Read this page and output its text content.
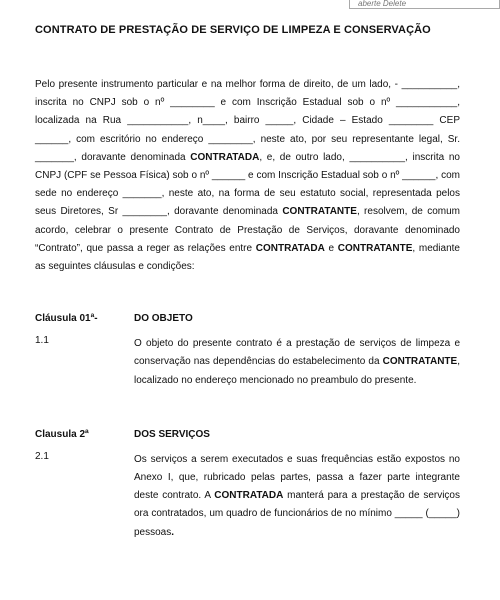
aberte Delete
CONTRATO DE PRESTAÇÃO DE SERVIÇO DE LIMPEZA E CONSERVAÇÃO

Pelo presente instrumento particular e na melhor forma de direito, de um lado, - __________, inscrita no CNPJ sob o nº ________ e com Inscrição Estadual sob o nº ___________, localizada na Rua ___________, n____, bairro _____, Cidade – Estado ________ CEP ______, com escritório no endereço ________, neste ato, por seu representante legal, Sr. _______, doravante denominada CONTRATADA, e, de outro lado, __________, inscrita no CNPJ (CPF se Pessoa Física) sob o nº ______ e com Inscrição Estadual sob o nº ______, com sede no endereço _______, neste ato, na forma de seu estatuto social, representada pelos seus Diretores, Sr ________, doravante denominada CONTRATANTE, resolvem, de comum acordo, celebrar o presente Contrato de Prestação de Serviços, doravante denominado “Contrato”, que passa a reger as relações entre CONTRATADA e CONTRATANTE, mediante as seguintes cláusulas e condições:

Cláusula 01ª-	DO OBJETO
1.1	O objeto do presente contrato é a prestação de serviços de limpeza e conservação nas dependências do estabelecimento da CONTRATANTE, localizado no endereço mencionado no preambulo do presente.
Clausula 2ª	DOS SERVIÇOS
2.1	Os serviços a serem executados e suas frequências estão expostos no Anexo I, que, rubricado pelas partes, passa a fazer parte integrante deste contrato. A CONTRATADA manterá para a prestação de serviços ora contratados, um quadro de funcionários de no mínimo _____ (_____) pessoas.
